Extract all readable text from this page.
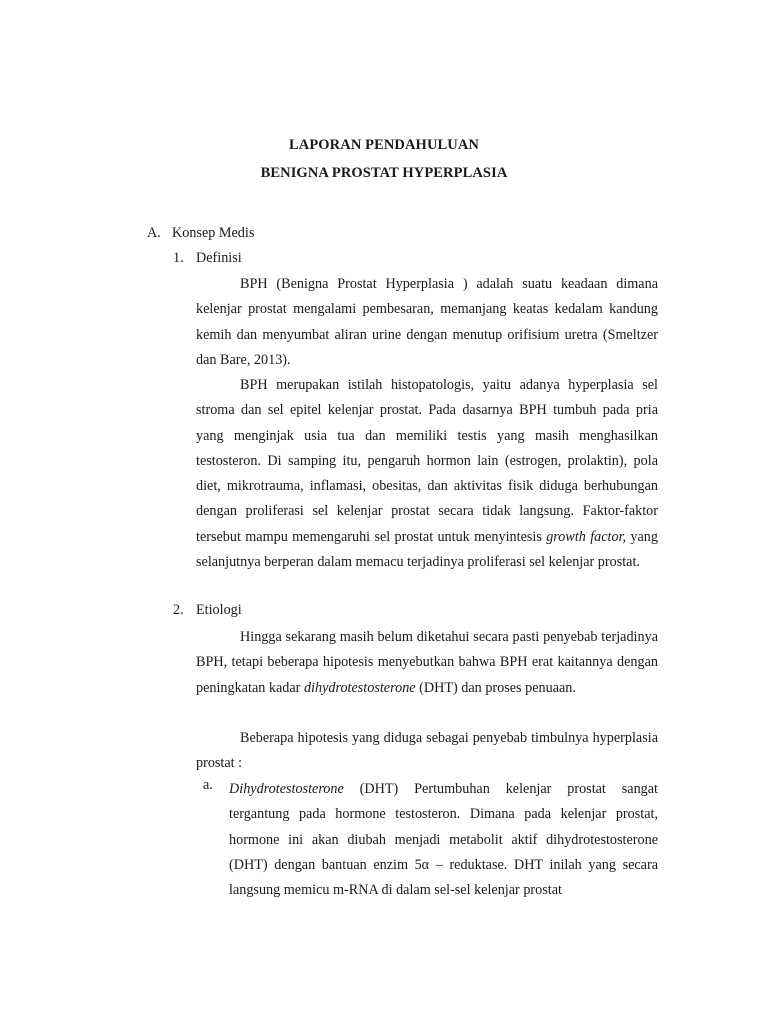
LAPORAN PENDAHULUAN
BENIGNA PROSTAT HYPERPLASIA
A. Konsep Medis
1. Definisi

BPH (Benigna Prostat Hyperplasia ) adalah suatu keadaan dimana kelenjar prostat mengalami pembesaran, memanjang keatas kedalam kandung kemih dan menyumbat aliran urine dengan menutup orifisium uretra (Smeltzer dan Bare, 2013).

BPH merupakan istilah histopatologis, yaitu adanya hyperplasia sel stroma dan sel epitel kelenjar prostat. Pada dasarnya BPH tumbuh pada pria yang menginjak usia tua dan memiliki testis yang masih menghasilkan testosteron. Di samping itu, pengaruh hormon lain (estrogen, prolaktin), pola diet, mikrotrauma, inflamasi, obesitas, dan aktivitas fisik diduga berhubungan dengan proliferasi sel kelenjar prostat secara tidak langsung. Faktor-faktor tersebut mampu memengaruhi sel prostat untuk menyintesis growth factor, yang selanjutnya berperan dalam memacu terjadinya proliferasi sel kelenjar prostat.

2. Etiologi

Hingga sekarang masih belum diketahui secara pasti penyebab terjadinya BPH, tetapi beberapa hipotesis menyebutkan bahwa BPH erat kaitannya dengan peningkatan kadar dihydrotestosterone (DHT) dan proses penuaan.

Beberapa hipotesis yang diduga sebagai penyebab timbulnya hyperplasia prostat :

a. Dihydrotestosterone (DHT) Pertumbuhan kelenjar prostat sangat tergantung pada hormone testosteron. Dimana pada kelenjar prostat, hormone ini akan diubah menjadi metabolit aktif dihydrotestosterone (DHT) dengan bantuan enzim 5α – reduktase. DHT inilah yang secara langsung memicu m-RNA di dalam sel-sel kelenjar prostat
